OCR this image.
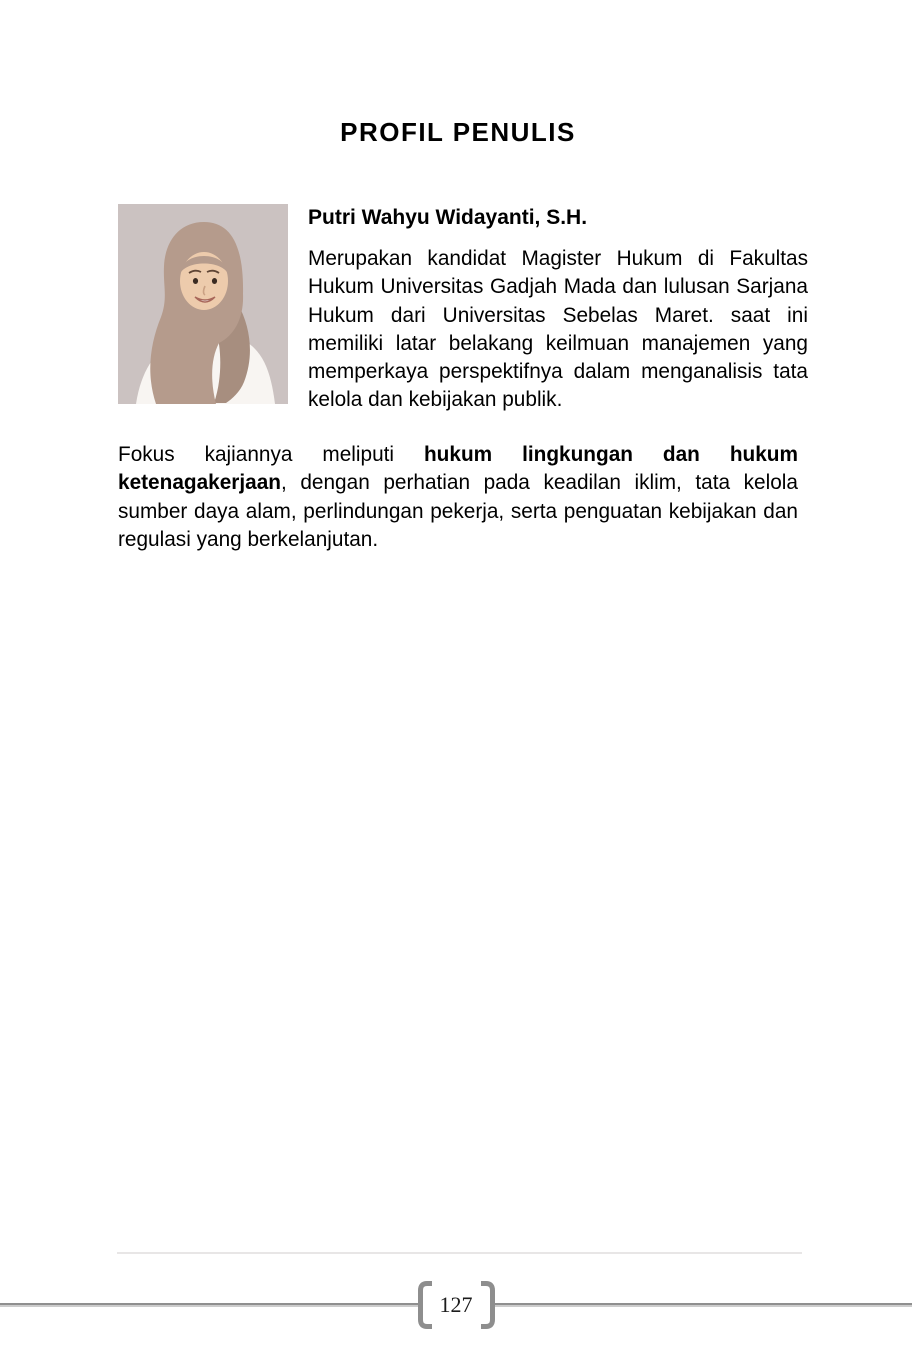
PROFIL PENULIS

Putri Wahyu Widayanti, S.H.

Merupakan kandidat Magister Hukum di Fakultas Hukum Universitas Gadjah Mada dan lulusan Sarjana Hukum dari Universitas Sebelas Maret. saat ini memiliki latar belakang keilmuan manajemen yang memperkaya perspektifnya dalam menganalisis tata kelola dan kebijakan publik.

Fokus kajiannya meliputi hukum lingkungan dan hukum ketenagakerjaan, dengan perhatian pada keadilan iklim, tata kelola sumber daya alam, perlindungan pekerja, serta penguatan kebijakan dan regulasi yang berkelanjutan.

127
